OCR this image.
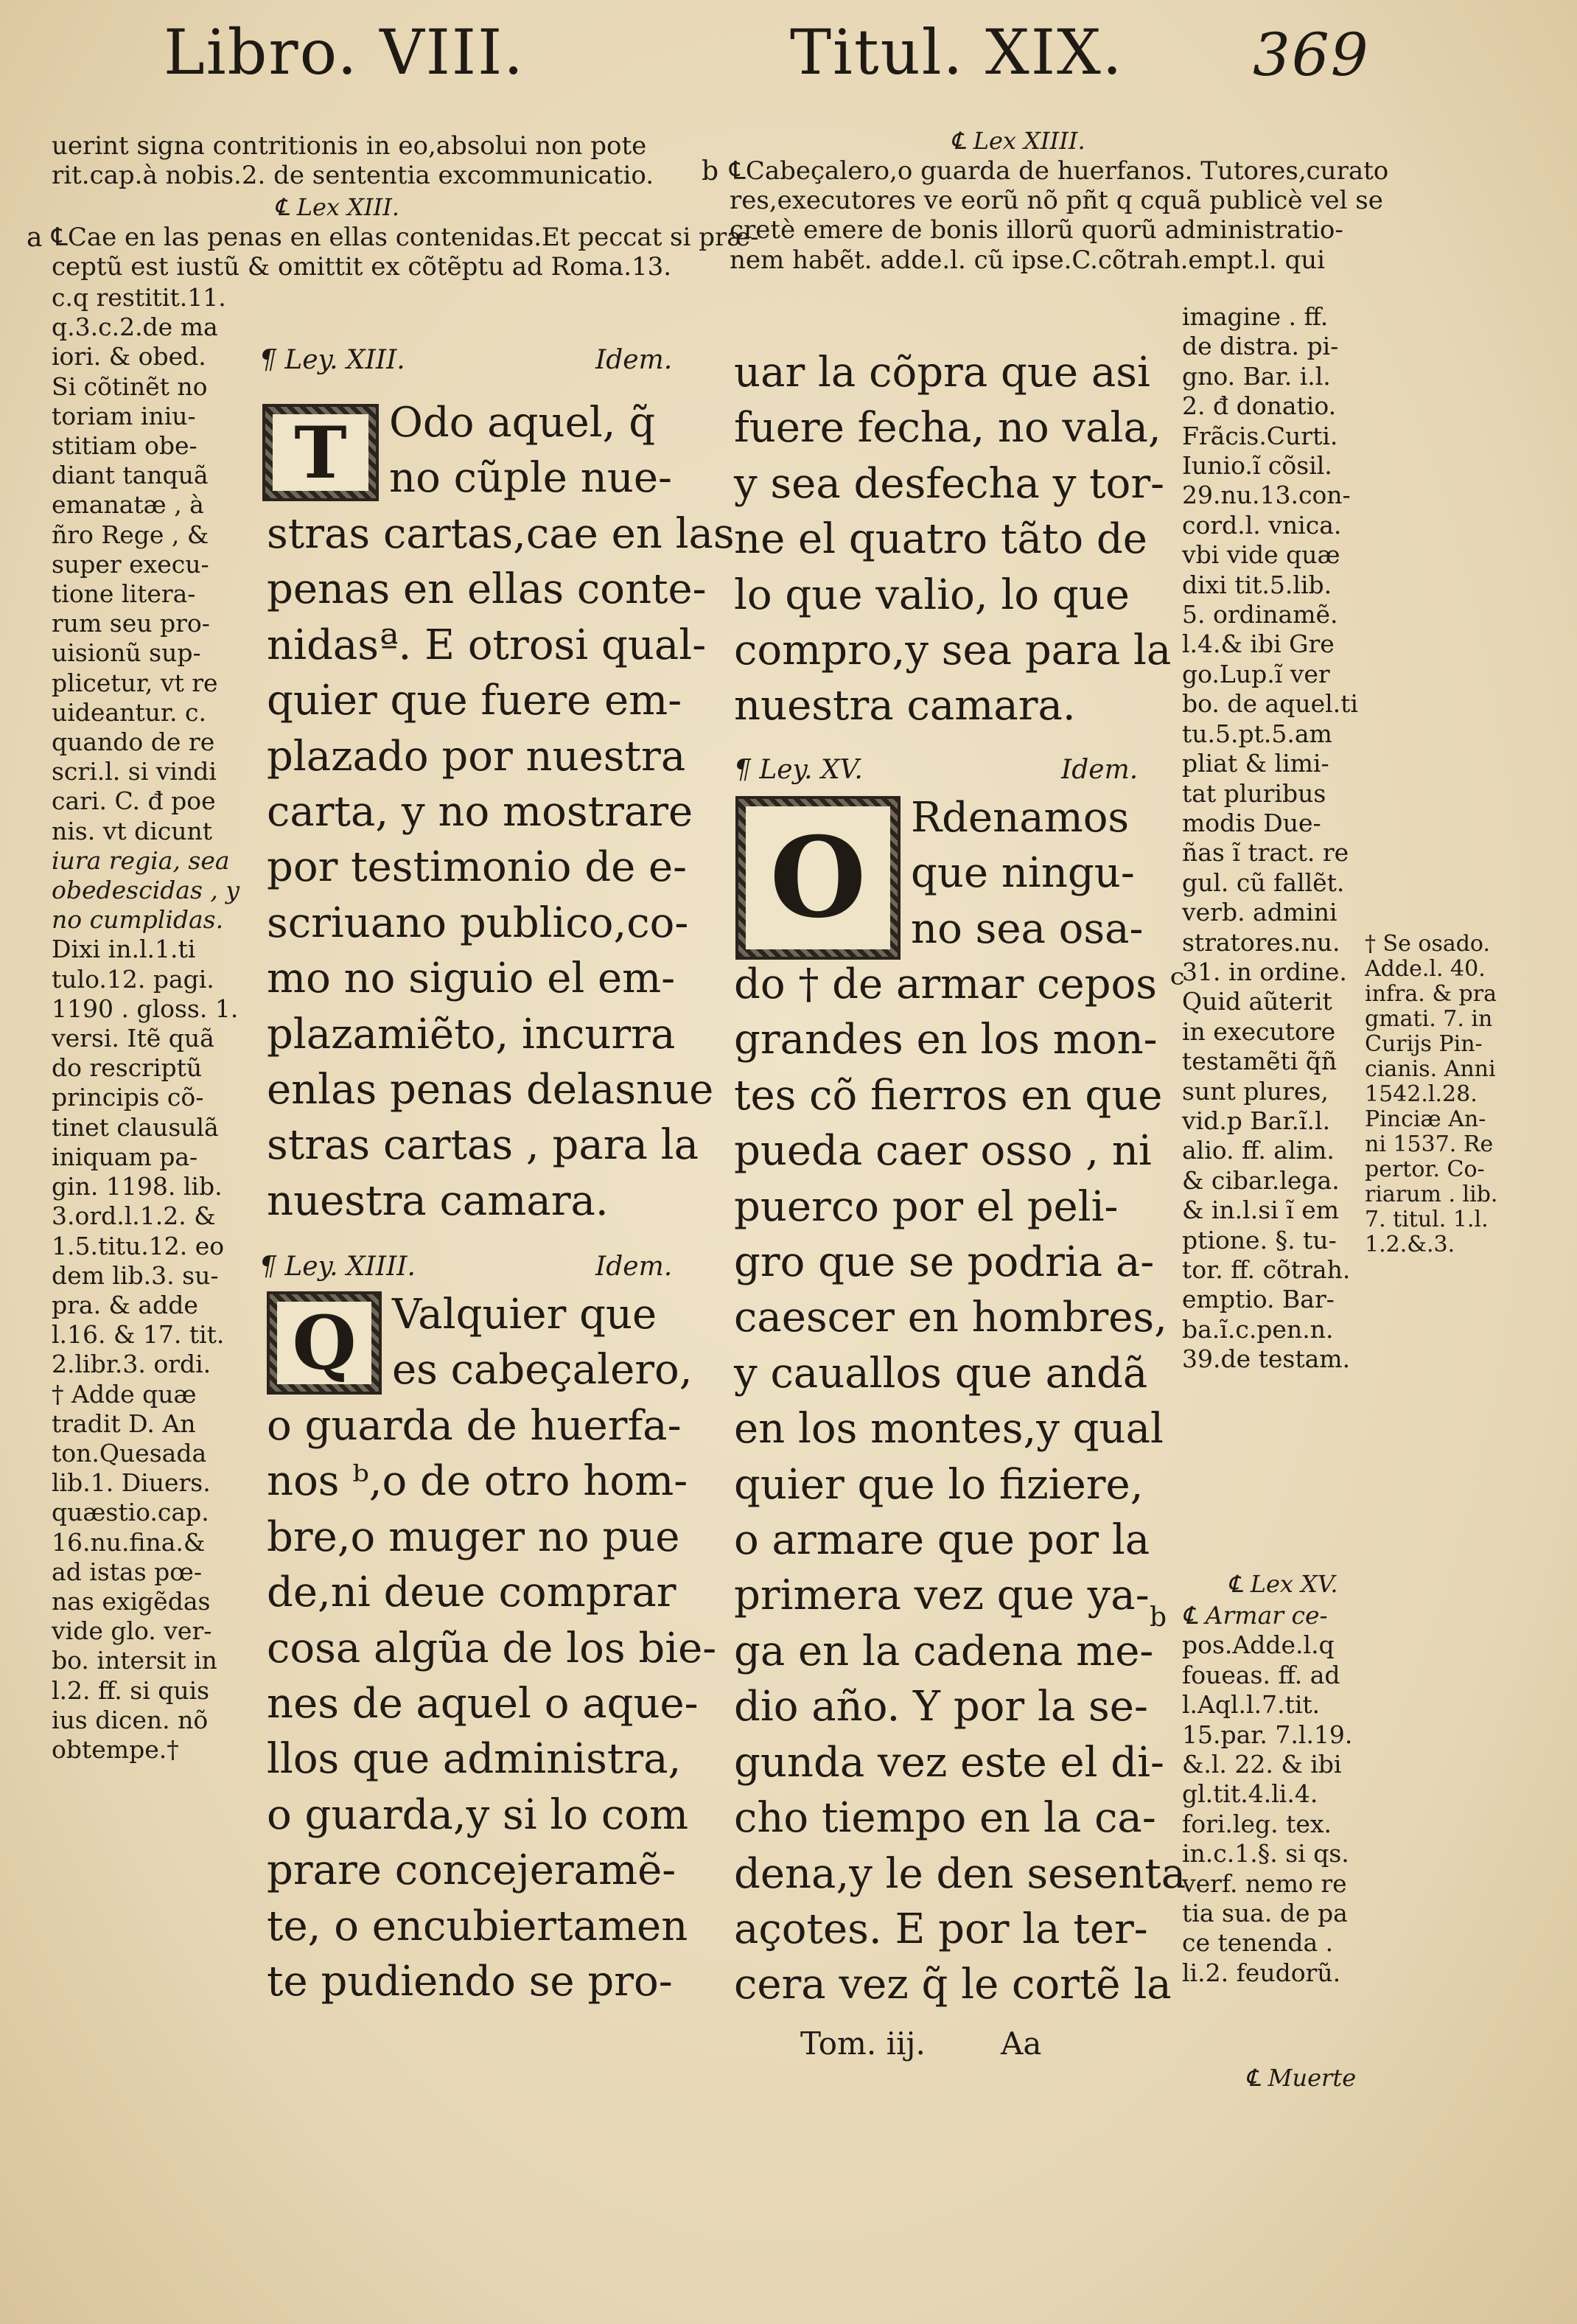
Libro. VIII.	Titul. XIX. 369
uerint signa contritionis in eo,absolui non pote
rit.cap.à nobis.2. de sententia excommunicatio.
℄ Lex XIII.
a ℄Cae en las penas en ellas contenidas.Et peccat si præ-
ceptũ est iustũ & omittit ex cõtẽptu ad Roma.13.
c.q restitit.11.
q.3.c.2.de ma
iori. & obed.
Si cõtinẽt no
toriam iniu-
stitiam obe-
diant tanquã
emanatæ , à
ñro Rege , &
super execu-
tione litera-
rum seu pro-
uisionũ sup-
plicetur, vt re
uideantur. c.
quando de re
scri.l. si vindi
cari. C. đ poe
nis. vt dicunt
iura regia, sea
obedescidas , y
no cumplidas.
Dixi in.l.1.ti
tulo.12. pagi.
1190 . gloss. 1.
versi. Itẽ quã
do rescriptũ
principis cõ-
tinet clausulã
iniquam pa-
gin. 1198. lib.
3.ord.l.1.2. &
1.5.titu.12. eo
dem lib.3. su-
pra. & adde
l.16. & 17. tit.
2.libr.3. ordi.
† Adde quæ
tradit D. An
ton.Quesada
lib.1. Diuers.
quæstio.cap.
16.nu.fina.&
ad istas pœ-
nas exigẽdas
vide glo. ver-
bo. intersit in
l.2. ff. si quis
ius dicen. nõ
obtempe.†
¶ Ley. XIII.	Idem.
T	Odo aquel, q̃
no cũple nue-
stras cartas,cae en las
penas en ellas conte-
nidasª. E otrosi qual-
quier que fuere em-
plazado por nuestra
carta, y no mostrare
por testimonio de e-
scriuano publico,co-
mo no siguio el em-
plazamiẽto, incurra
enlas penas delasnue
stras cartas , para la
nuestra camara.
¶ Ley. XIIII.	Idem.
Q Valquier que
es cabeçalero,
o guarda de huerfa-
nos ᵇ,o de otro hom-
bre,o muger no pue
de,ni deue comprar
cosa algũa de los bie-
nes de aquel o aque-
llos que administra,
o guarda,y si lo com
prare concejeramẽ-
te, o encubiertamen
te pudiendo se pro-
℄ Lex XIIII.
b ℄Cabeçalero,o guarda de huerfanos. Tutores,curato
res,executores ve eorũ nõ pñt q cquã publicè vel se
cretè emere de bonis illorũ quorũ administratio-
nem habẽt. adde.l. cũ ipse.C.cõtrah.empt.l. qui
uar la cõpra que asi
fuere fecha, no vala,
y sea desfecha y tor-
ne el quatro tãto de
lo que valio, lo que
compro,y sea para la
nuestra camara.
¶ Ley. XV.	Idem.
O	Rdenamos
que ningu-
no sea osa-
do † de armar cepos ᶜ
grandes en los mon-
tes cõ fierros en que
pueda caer osso , ni
puerco por el peli-
gro que se podria a-
caescer en hombres,
y cauallos que andã
en los montes,y qual
quier que lo fiziere,
o armare que por la
primera vez que ya-
ga en la cadena me-
dio año. Y por la se-
gunda vez este el di-
cho tiempo en la ca-
dena,y le den sesenta
açotes. E por la ter-
cera vez q̃ le cortẽ la
imagine . ff.
de distra. pi-
gno. Bar. i.l.
2. đ donatio.
Frãcis.Curti.
Iunio.ĩ cõsil.
29.nu.13.con-
cord.l. vnica.
vbi vide quæ
dixi tit.5.lib.
5. ordinamẽ.
l.4.& ibi Gre
go.Lup.ĩ ver
bo. de aquel.ti
tu.5.pt.5.am
pliat & limi-
tat pluribus
modis Due-
ñas ĩ tract. re
gul. cũ fallẽt.
verb. admini
stratores.nu.
31. in ordine.
Quid aũterit
in executore
testamẽti q̃ñ
sunt plures,
vid.p Bar.ĩ.l.
alio. ff. alim.
& cibar.lega.
& in.l.si ĩ em
ptione. §. tu-
tor. ff. cõtrah.
emptio. Bar-
ba.ĩ.c.pen.n.
39.de testam.
† Se osado.
Adde.l. 40.
infra. & pra
gmati. 7. in
Curijs Pin-
cianis. Anni
1542.l.28.
Pinciæ An-
ni 1537. Re
pertor. Co-
riarum . lib.
7. titul. 1.l.
1.2.&.3.
℄ Lex XV.
b ℄ Armar ce-
pos.Adde.l.q
foueas. ff. ad
l.Aql.l.7.tit.
15.par. 7.l.19.
&.l. 22. & ibi
gl.tit.4.li.4.
fori.leg. tex.
in.c.1.§. si qs.
verf. nemo re
tia sua. de pa
ce tenenda .
li.2. feudorũ.
℄ Muerte
Tom. iij. Aa
